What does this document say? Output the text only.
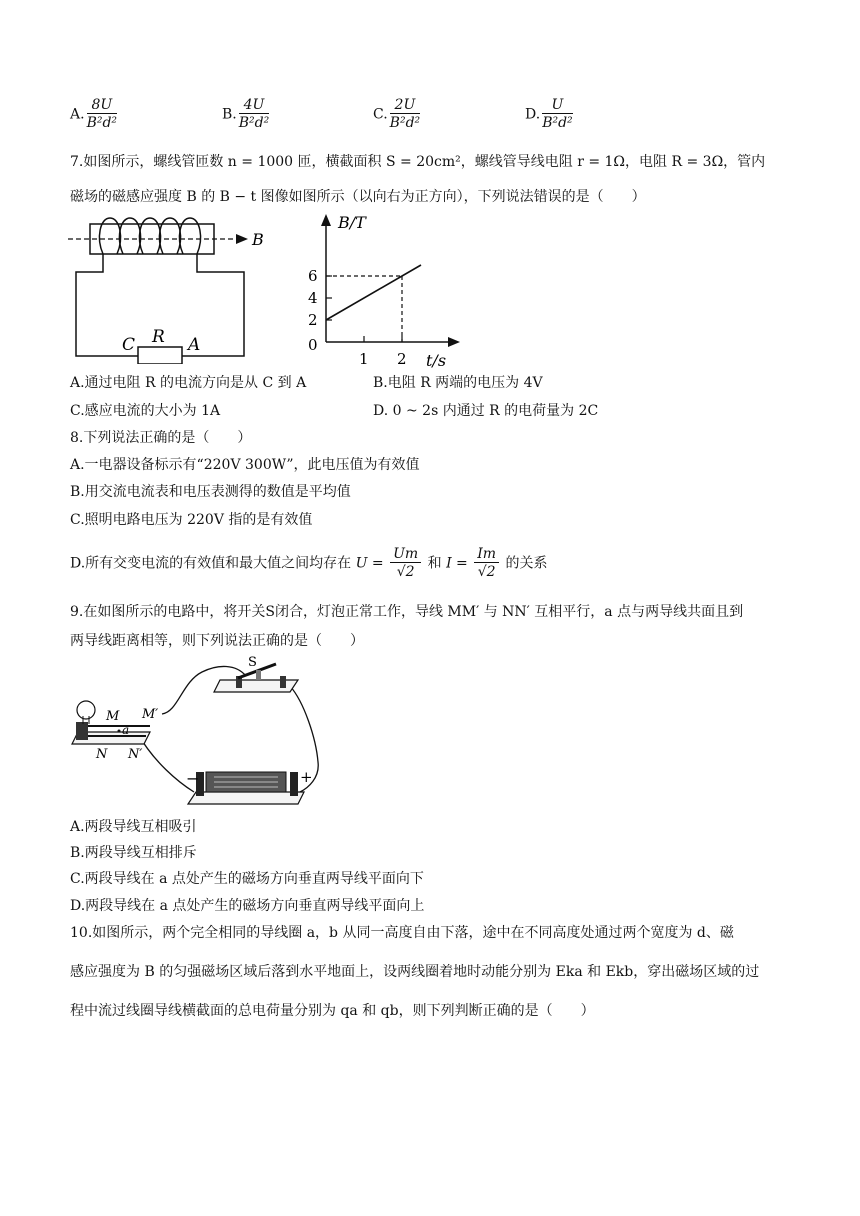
A. $\frac{8U}{\text{B²d²}}$	B. $\frac{4U}{\text{B²d²}}$	C. $\frac{2U}{\text{B²d²}}$	D. $\frac{U}{\text{B²d²}}$
7.如图所示，螺线管匝数 n = 1000 匝，横截面积 S = 20cm²，螺线管导线电阻 r = 1Ω，电阻 R = 3Ω，管内
磁场的磁感应强度 B 的 B − t 图像如图所示（以向右为正方向），下列说法错误的是（　　）
B
R
C	A
B/T
t/s
0
2
4
6
1 2
A.通过电阻 R 的电流方向是从 C 到 A	B.电阻 R 两端的电压为 4V
C.感应电流的大小为 1A	D. 0 ~ 2s 内通过 R 的电荷量为 2C
8.下列说法正确的是（　　）
A.一电器设备标示有“220V 300W”，此电压值为有效值
B.用交流电流表和电压表测得的数值是平均值
C.照明电路电压为 220V 指的是有效值
D.所有交变电流的有效值和最大值之间均存在 $U = \frac{Um}{√2}$ 和 $I = \frac{Im}{√2}$ 的关系
9.在如图所示的电路中，将开关S闭合，灯泡正常工作，导线 MM′ 与 NN′ 互相平行，a 点与两导线共面且到
两导线距离相等，则下列说法正确的是（　　）
S
a
M M′
N N′
−	+
A.两段导线互相吸引
B.两段导线互相排斥
C.两段导线在 a 点处产生的磁场方向垂直两导线平面向下
D.两段导线在 a 点处产生的磁场方向垂直两导线平面向上
10.如图所示，两个完全相同的导线圈 a，b 从同一高度自由下落，途中在不同高度处通过两个宽度为 d、磁
感应强度为 B 的匀强磁场区域后落到水平地面上，设两线圈着地时动能分别为 Eka 和 Ekb，穿出磁场区域的过
程中流过线圈导线横截面的总电荷量分别为 qa 和 qb，则下列判断正确的是（　　）
